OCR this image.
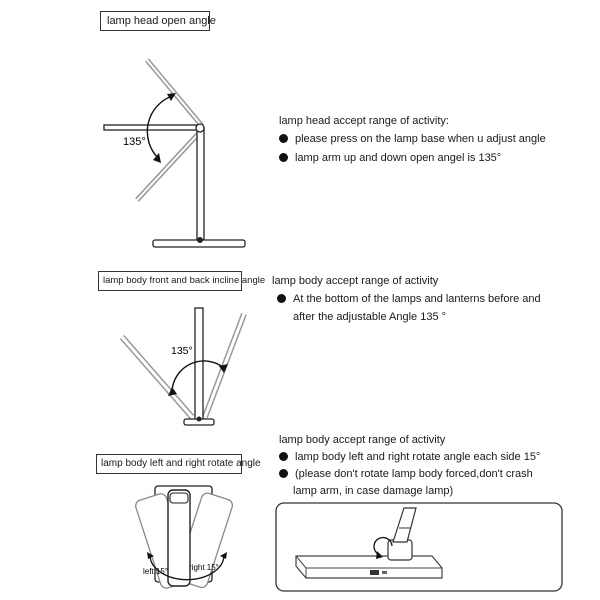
lamp head open angle
135°
lamp head accept range of activity:
please press on the lamp base when u adjust angle
lamp arm up and down open angel is 135°
lamp body front and back incline angle
135°
lamp body accept range of activity
At the bottom of the lamps and lanterns before and
after the adjustable Angle 135 °
lamp body left and right rotate angle
left 15°	right 15°
lamp body accept range of activity
lamp body left and right rotate angle each side 15°
(please don't rotate lamp body forced,don't crash
lamp arm, in case damage lamp)
